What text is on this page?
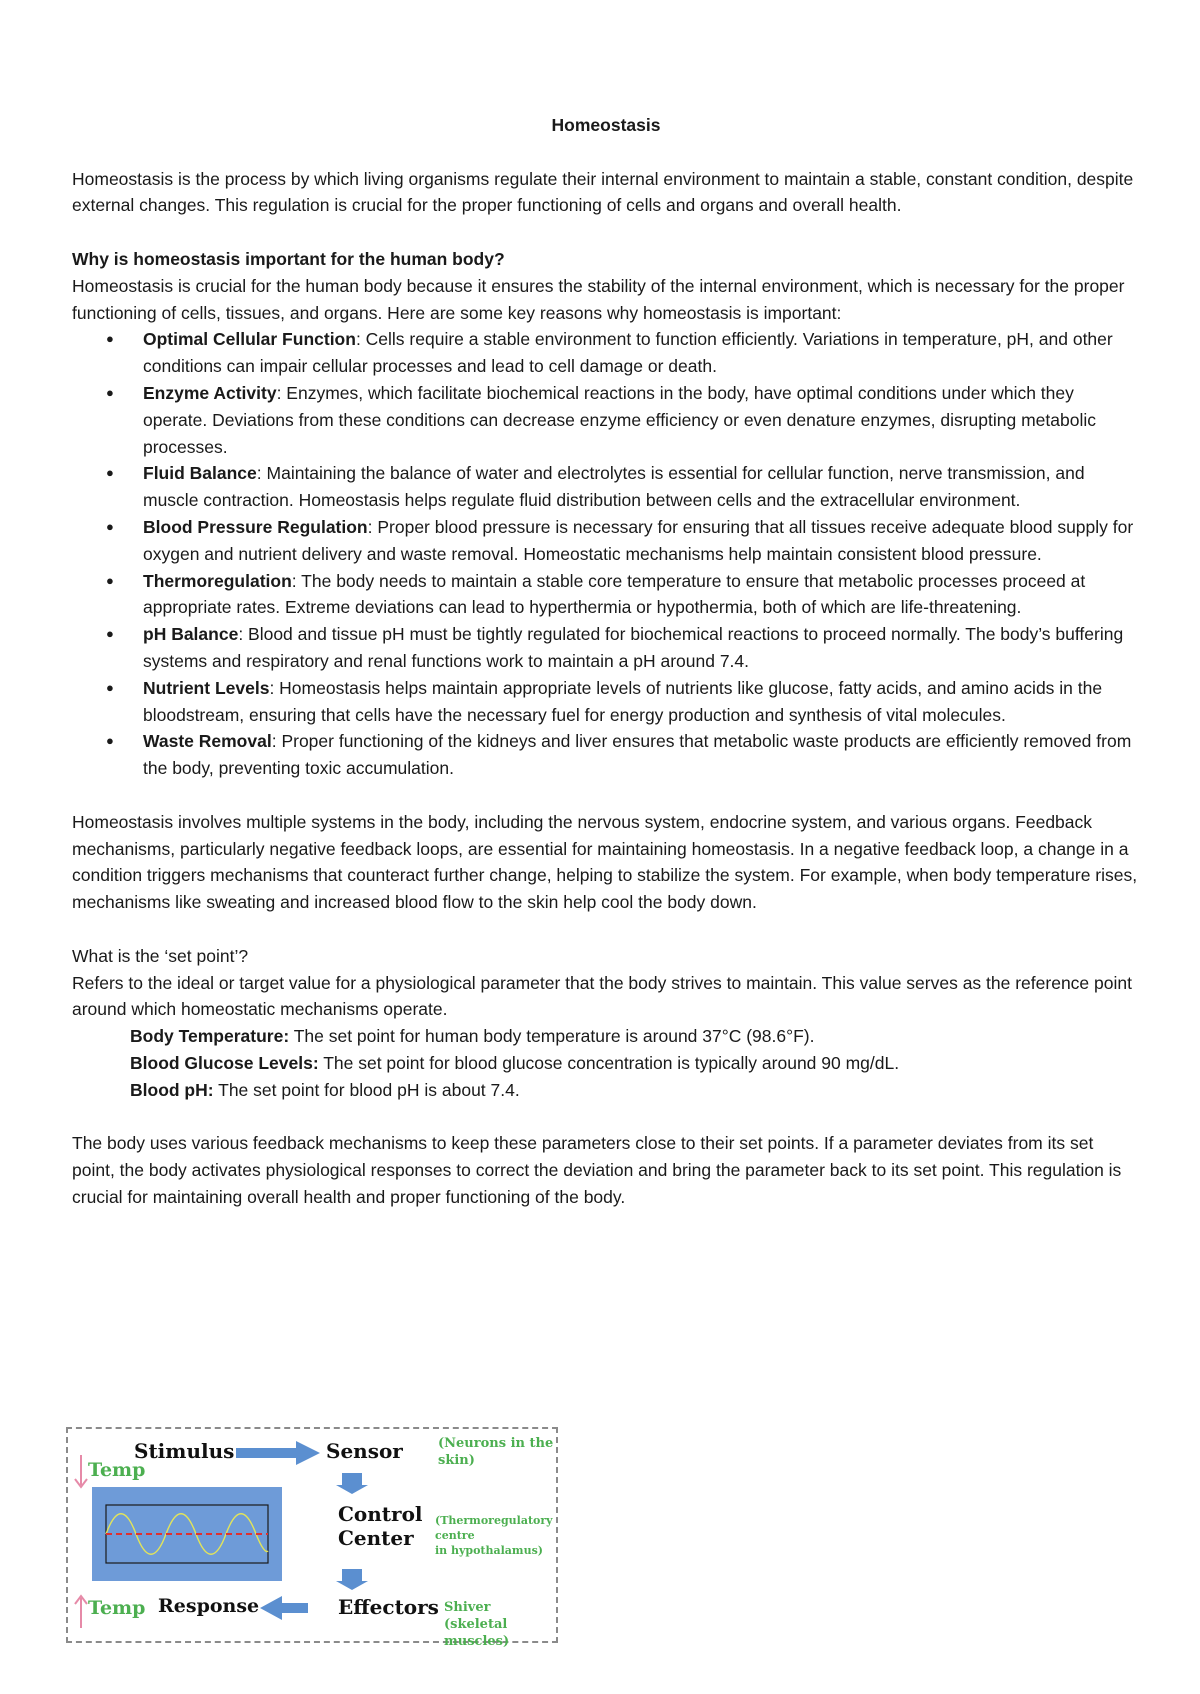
Homeostasis

Homeostasis is the process by which living organisms regulate their internal environment to maintain a stable, constant condition, despite external changes. This regulation is crucial for the proper functioning of cells and organs and overall health.

Why is homeostasis important for the human body?

Homeostasis is crucial for the human body because it ensures the stability of the internal environment, which is necessary for the proper functioning of cells, tissues, and organs. Here are some key reasons why homeostasis is important:

● Optimal Cellular Function: Cells require a stable environment to function efficiently. Variations in temperature, pH, and other conditions can impair cellular processes and lead to cell damage or death.
● Enzyme Activity: Enzymes, which facilitate biochemical reactions in the body, have optimal conditions under which they operate. Deviations from these conditions can decrease enzyme efficiency or even denature enzymes, disrupting metabolic processes.
● Fluid Balance: Maintaining the balance of water and electrolytes is essential for cellular function, nerve transmission, and muscle contraction. Homeostasis helps regulate fluid distribution between cells and the extracellular environment.
● Blood Pressure Regulation: Proper blood pressure is necessary for ensuring that all tissues receive adequate blood supply for oxygen and nutrient delivery and waste removal. Homeostatic mechanisms help maintain consistent blood pressure.
● Thermoregulation: The body needs to maintain a stable core temperature to ensure that metabolic processes proceed at appropriate rates. Extreme deviations can lead to hyperthermia or hypothermia, both of which are life-threatening.
● pH Balance: Blood and tissue pH must be tightly regulated for biochemical reactions to proceed normally. The body’s buffering systems and respiratory and renal functions work to maintain a pH around 7.4.
● Nutrient Levels: Homeostasis helps maintain appropriate levels of nutrients like glucose, fatty acids, and amino acids in the bloodstream, ensuring that cells have the necessary fuel for energy production and synthesis of vital molecules.
● Waste Removal: Proper functioning of the kidneys and liver ensures that metabolic waste products are efficiently removed from the body, preventing toxic accumulation.

Homeostasis involves multiple systems in the body, including the nervous system, endocrine system, and various organs. Feedback mechanisms, particularly negative feedback loops, are essential for maintaining homeostasis. In a negative feedback loop, a change in a condition triggers mechanisms that counteract further change, helping to stabilize the system. For example, when body temperature rises, mechanisms like sweating and increased blood flow to the skin help cool the body down.

What is the ‘set point’?

Refers to the ideal or target value for a physiological parameter that the body strives to maintain. This value serves as the reference point around which homeostatic mechanisms operate.

Body Temperature: The set point for human body temperature is around 37°C (98.6°F).

Blood Glucose Levels: The set point for blood glucose concentration is typically around 90 mg/dL.

Blood pH: The set point for blood pH is about 7.4.

The body uses various feedback mechanisms to keep these parameters close to their set points. If a parameter deviates from its set point, the body activates physiological responses to correct the deviation and bring the parameter back to its set point. This regulation is crucial for maintaining overall health and proper functioning of the body.

Stimulus	Sensor	(Neurons in the
skin)
Temp
Control
Center
(Thermoregulatory
centre
in hypothalamus)
Temp Response	Effectors Shiver (skeletal
muscles)
